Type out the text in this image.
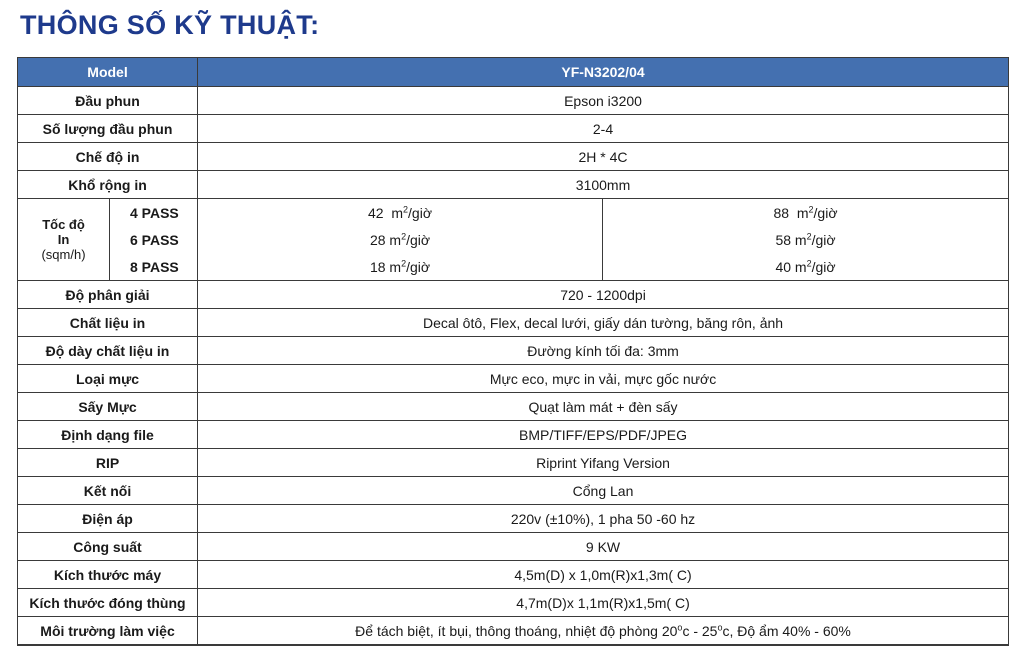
THÔNG SỐ KỸ THUẬT:
Model		YF-N3202/04	
Đầu phun		Epson i3200	
Số lượng đầu phun		2-4	
Chế độ in		2H * 4C	
Khổ rộng in		3100mm	

Tốc độ
In
(sqm/h)	4 PASS	42 $m^2$/giờ	88 $m^2$/giờ
	6 PASS	28 $m^2$/giờ	58 $m^2$/giờ
	8 PASS	18 $m^2$/giờ	40 $m^2$/giờ
Độ phân giải		720 - 1200dpi	
Chất liệu in		Decal ôtô, Flex, decal lưới, giấy dán tường, băng rôn, ảnh	
Độ dày chất liệu in		Đường kính tối đa: 3mm	
Loại mực		Mực eco, mực in vải, mực gốc nước	
Sấy Mực		Quạt làm mát + đèn sấy	
Định dạng file		BMP/TIFF/EPS/PDF/JPEG	
RIP		Riprint Yifang Version	
Kết nối		Cổng Lan	
Điện áp		220v (±10%), 1 pha 50 -60 hz	
Công suất		9 KW	
Kích thước máy		4,5m(D) x 1,0m(R)x1,3m( C)	
Kích thước đóng thùng		4,7m(D)x 1,1m(R)x1,5m( C)	
Môi trường làm việc		Để tách biệt, ít bụi, thông thoáng, nhiệt độ phòng 20$^o$c - 25$^o$c, Độ ẩm 40% - 60%	
